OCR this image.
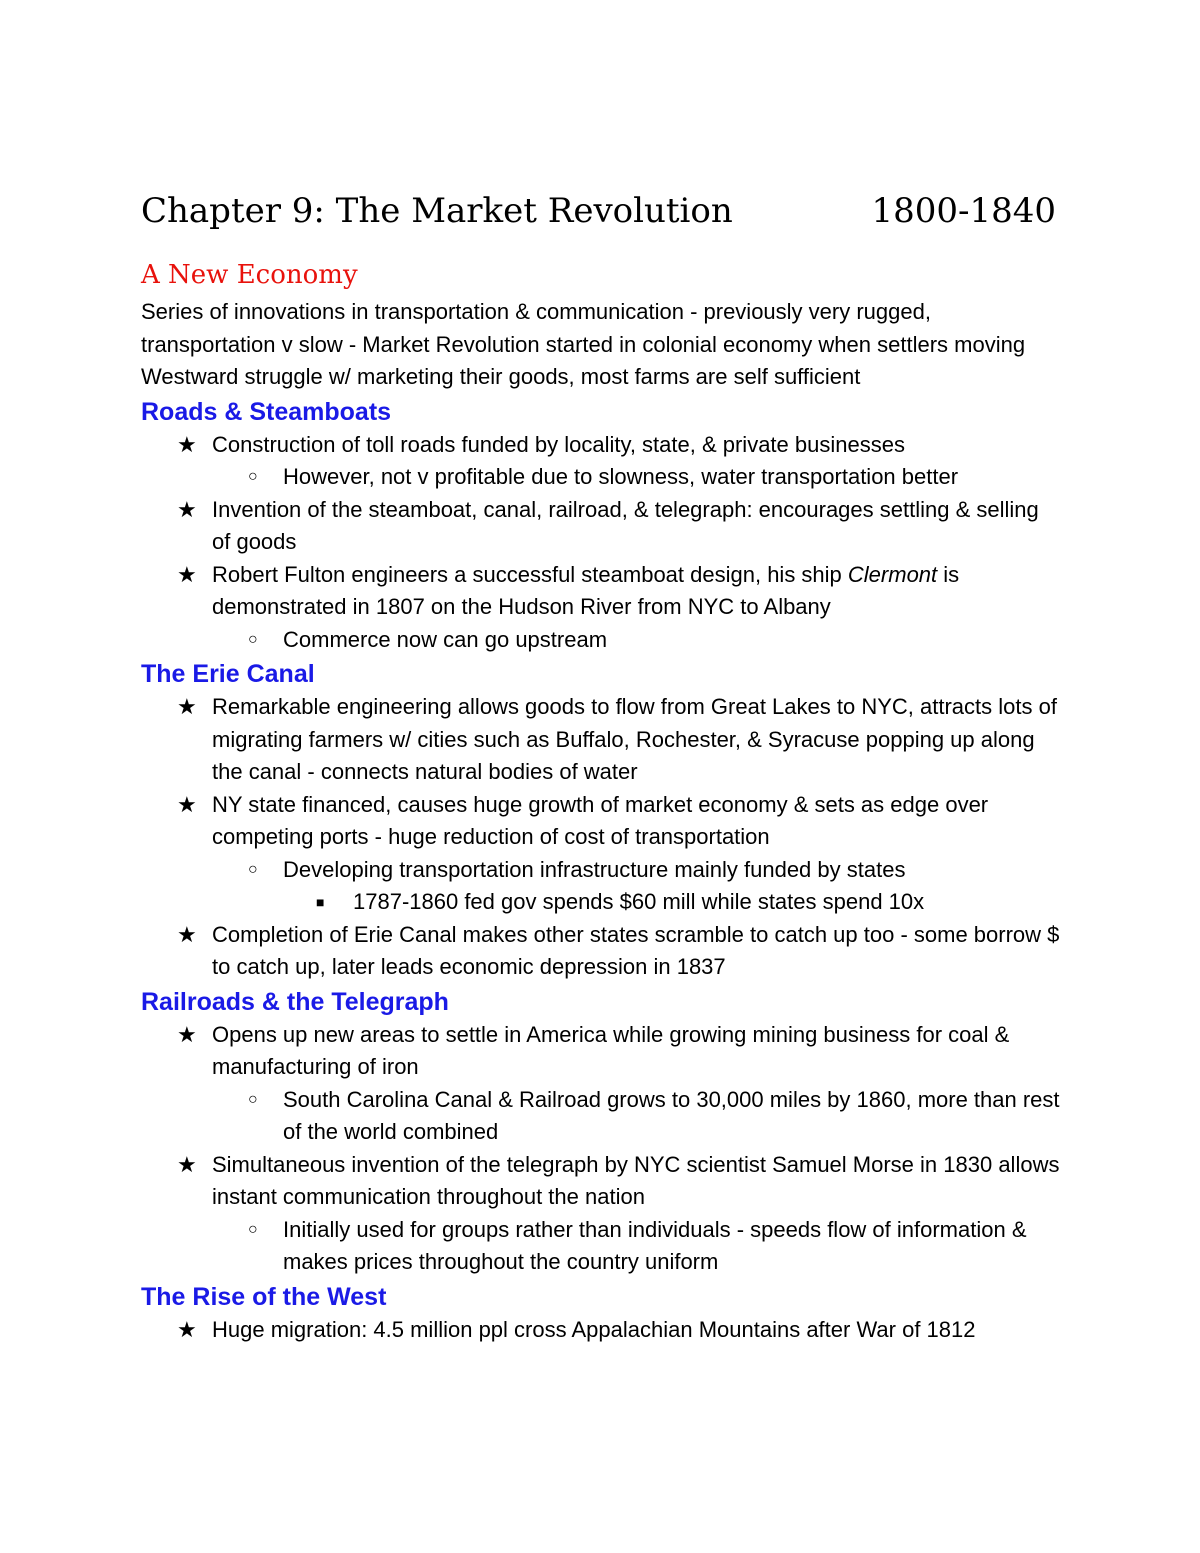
Chapter 9: The Market Revolution	1800-1840
A New Economy

Series of innovations in transportation & communication - previously very rugged, transportation v slow - Market Revolution started in colonial economy when settlers moving Westward struggle w/ marketing their goods, most farms are self sufficient

Roads & Steamboats
★ Construction of toll roads funded by locality, state, & private businesses
○ However, not v profitable due to slowness, water transportation better
★ Invention of the steamboat, canal, railroad, & telegraph: encourages settling & selling of goods
★ Robert Fulton engineers a successful steamboat design, his ship Clermont is demonstrated in 1807 on the Hudson River from NYC to Albany
○ Commerce now can go upstream
The Erie Canal
★ Remarkable engineering allows goods to flow from Great Lakes to NYC, attracts lots of migrating farmers w/ cities such as Buffalo, Rochester, & Syracuse popping up along the canal - connects natural bodies of water
★ NY state financed, causes huge growth of market economy & sets as edge over competing ports - huge reduction of cost of transportation
○ Developing transportation infrastructure mainly funded by states
■ 1787-1860 fed gov spends $60 mill while states spend 10x
★ Completion of Erie Canal makes other states scramble to catch up too - some borrow $ to catch up, later leads economic depression in 1837
Railroads & the Telegraph
★ Opens up new areas to settle in America while growing mining business for coal & manufacturing of iron
○ South Carolina Canal & Railroad grows to 30,000 miles by 1860, more than rest of the world combined
★ Simultaneous invention of the telegraph by NYC scientist Samuel Morse in 1830 allows instant communication throughout the nation
○ Initially used for groups rather than individuals - speeds flow of information & makes prices throughout the country uniform
The Rise of the West
★ Huge migration: 4.5 million ppl cross Appalachian Mountains after War of 1812
